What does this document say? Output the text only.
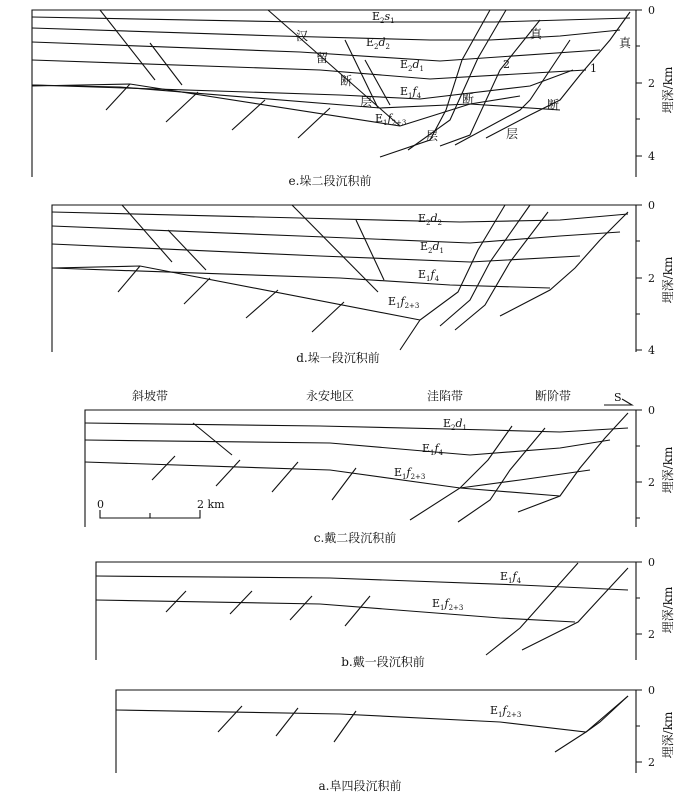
0
2
4
埋深/km
$E_2s_1$
$E_2d_2$
$E_2d_1$
$E_1f_4$
$E_1f_{2+3}$
汉
留
断
层
真
真
2	1
断
层
断
层
e.垛二段沉积前
0
2
4
埋深/km
$E_2d_2$
$E_2d_1$
$E_1f_4$
$E_1f_{2+3}$
d.垛一段沉积前
斜坡带	永安地区	洼陷带	断阶带	S
0
2 埋深/km
$E_2d_1$
$E_1f_4$
$E_1f_{2+3}$
0	2 km
c.戴二段沉积前
0
2
埋深/km
$E_1f_4$
$E_1f_{2+3}$
b.戴一段沉积前
0
2
埋深/km
$E_1f_{2+3}$
a.阜四段沉积前
